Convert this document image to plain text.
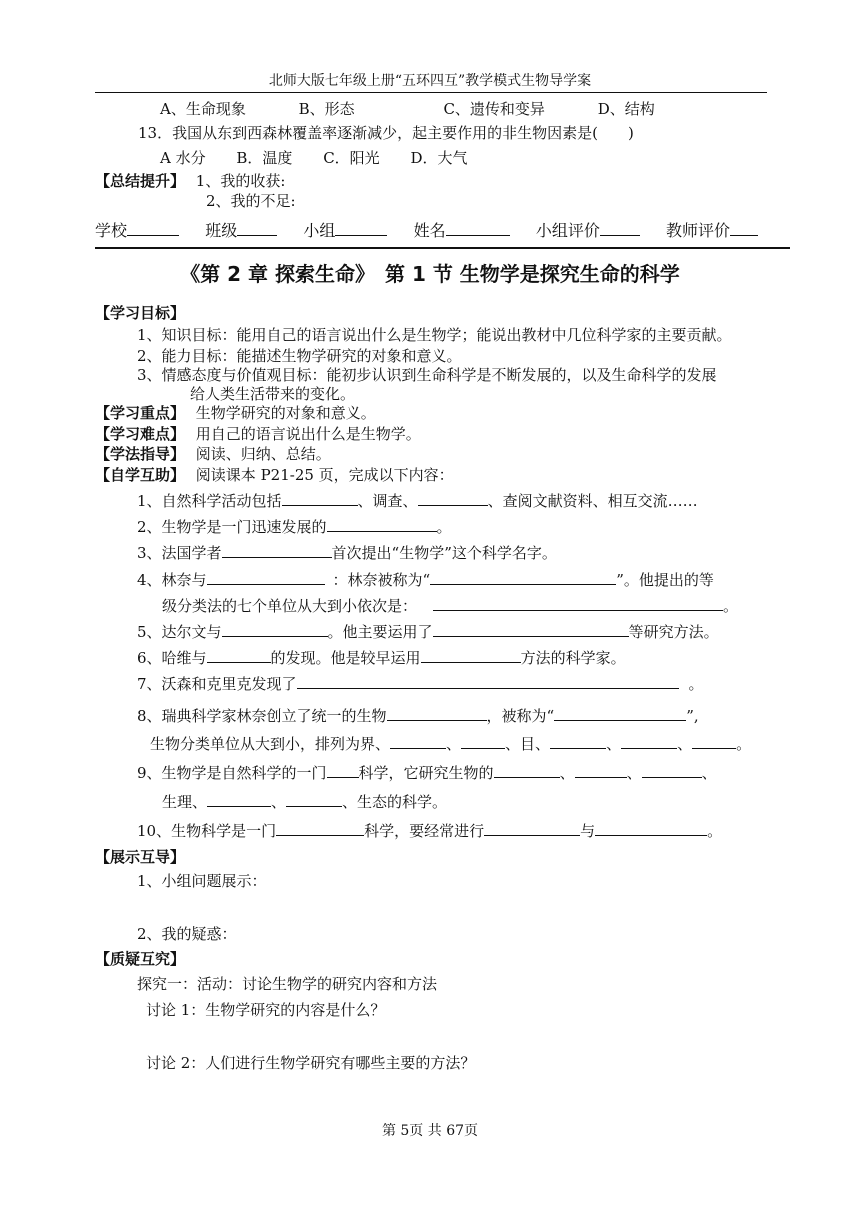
北师大版七年级上册“五环四互”教学模式生物导学案
A、生命现象	B、形态	C、遗传和变异	D、结构
13．我国从东到西森林覆盖率逐渐减少，起主要作用的非生物因素是(　　)
A 水分 B．温度 C．阳光 D．大气
【总结提升】 1、我的收获:
2、我的不足:
学校	班级	小组	姓名	小组评价	教师评价
《第 2 章 探索生命》　第 1 节 生物学是探究生命的科学
【学习目标】
1、知识目标：能用自己的语言说出什么是生物学；能说出教材中几位科学家的主要贡献。
2、能力目标：能描述生物学研究的对象和意义。
3、情感态度与价值观目标：能初步认识到生命科学是不断发展的，以及生命科学的发展
给人类生活带来的变化。
【学习重点】 生物学研究的对象和意义。
【学习难点】 用自己的语言说出什么是生物学。
【学法指导】 阅读、归纳、总结。
【自学互助】 阅读课本 P21-25 页，完成以下内容：
1、自然科学活动包括	、调查、	、查阅文献资料、相互交流……
2、生物学是一门迅速发展的	。
3、法国学者	首次提出“生物学”这个科学名字。
4、林奈与	：林奈被称为“	”。他提出的等
级分类法的七个单位从大到小依次是：	。
5、达尔文与	。他主要运用了	等研究方法。
6、哈维与	的发现。他是较早运用	方法的科学家。
7、沃森和克里克发现了	。
8、瑞典科学家林奈创立了统一的生物	，被称为“	”,
生物分类单位从大到小，排列为界、	、	、目、	、	、	。
9、生物学是自然科学的一门 科学，它研究生物的	、	、	、
生理、	、	、生态的科学。
10、生物科学是一门	科学，要经常进行	与	。
【展示互导】
1、小组问题展示：
2、我的疑惑：
【质疑互究】
探究一：活动：讨论生物学的研究内容和方法
讨论 1：生物学研究的内容是什么？
讨论 2：人们进行生物学研究有哪些主要的方法？
第 5页 共 67页
